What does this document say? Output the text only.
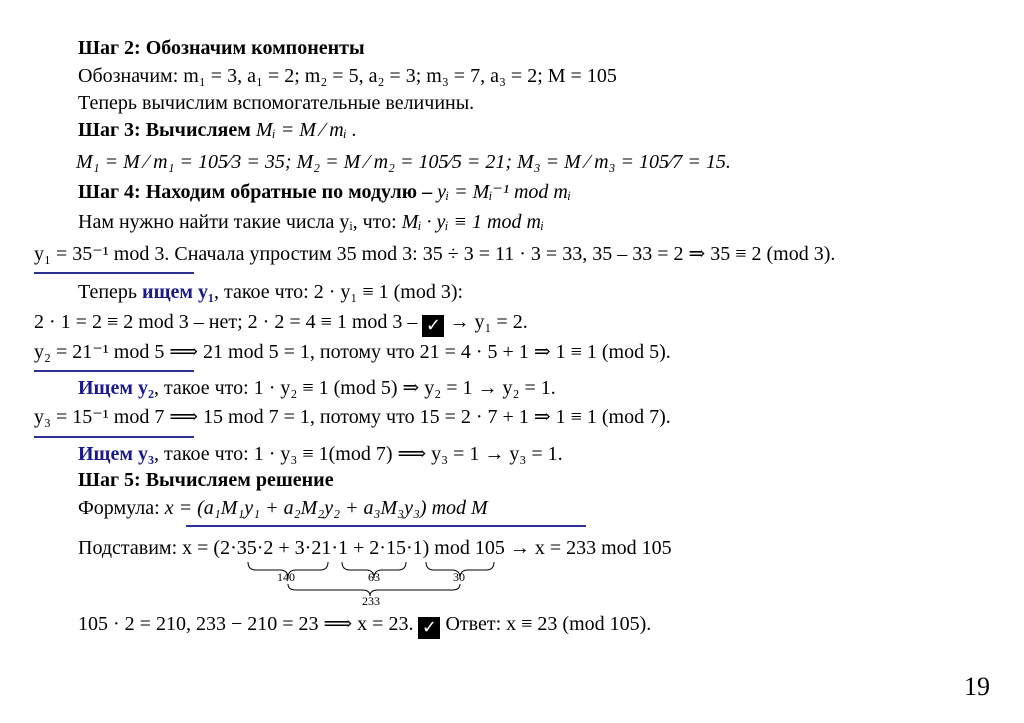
Шаг 2: Обозначим компоненты
Обозначим: m₁ = 3, a₁ = 2; m₂ = 5, a₂ = 3; m₃ = 7, a₃ = 2; M = 105
Теперь вычислим вспомогательные величины.
Шаг 3: Вычисляем Mᵢ = M ∕ mᵢ .
M₁ = M ∕ m₁ = 105∕3 = 35; M₂ = M ∕ m₂ = 105∕5 = 21; M₃ = M ∕ m₃ = 105∕7 = 15.
Шаг 4: Находим обратные по модулю – yᵢ = Mᵢ⁻¹ mod mᵢ
Нам нужно найти такие числа yᵢ, что: Mᵢ · yᵢ ≡ 1 mod mᵢ
y₁ = 35⁻¹ mod 3. Сначала упростим 35 mod 3: 35 ÷ 3 = 11 · 3 = 33, 35 – 33 = 2 ⇒ 35 ≡ 2 (mod 3).
Теперь ищем y₁, такое что: 2 · y₁ ≡ 1 (mod 3):
2 · 1 = 2 ≡ 2 mod 3 – нет; 2 · 2 = 4 ≡ 1 mod 3 – ✓ → y₁ = 2.
y₂ = 21⁻¹ mod 5 ⟹ 21 mod 5 = 1, потому что 21 = 4 · 5 + 1 ⇒ 1 ≡ 1 (mod 5).
Ищем y₂, такое что: 1 · y₂ ≡ 1 (mod 5) ⇒ y₂ = 1 → y₂ = 1.
y₃ = 15⁻¹ mod 7 ⟹ 15 mod 7 = 1, потому что 15 = 2 · 7 + 1 ⇒ 1 ≡ 1 (mod 7).
Ищем y₃, такое что: 1 · y₃ ≡ 1(mod 7) ⟹ y₃ = 1 → y₃ = 1.
Шаг 5: Вычисляем решение
Формула: x = (a₁M₁y₁ + a₂M₂y₂ + a₃M₃y₃) mod M
Подставим: x = (2·35·2 + 3·21·1 + 2·15·1) mod 105 → x = 233 mod 105
140	63	30
233
105 · 2 = 210, 233 − 210 = 23 ⟹ x = 23. ✓ Ответ: x ≡ 23 (mod 105).
19
